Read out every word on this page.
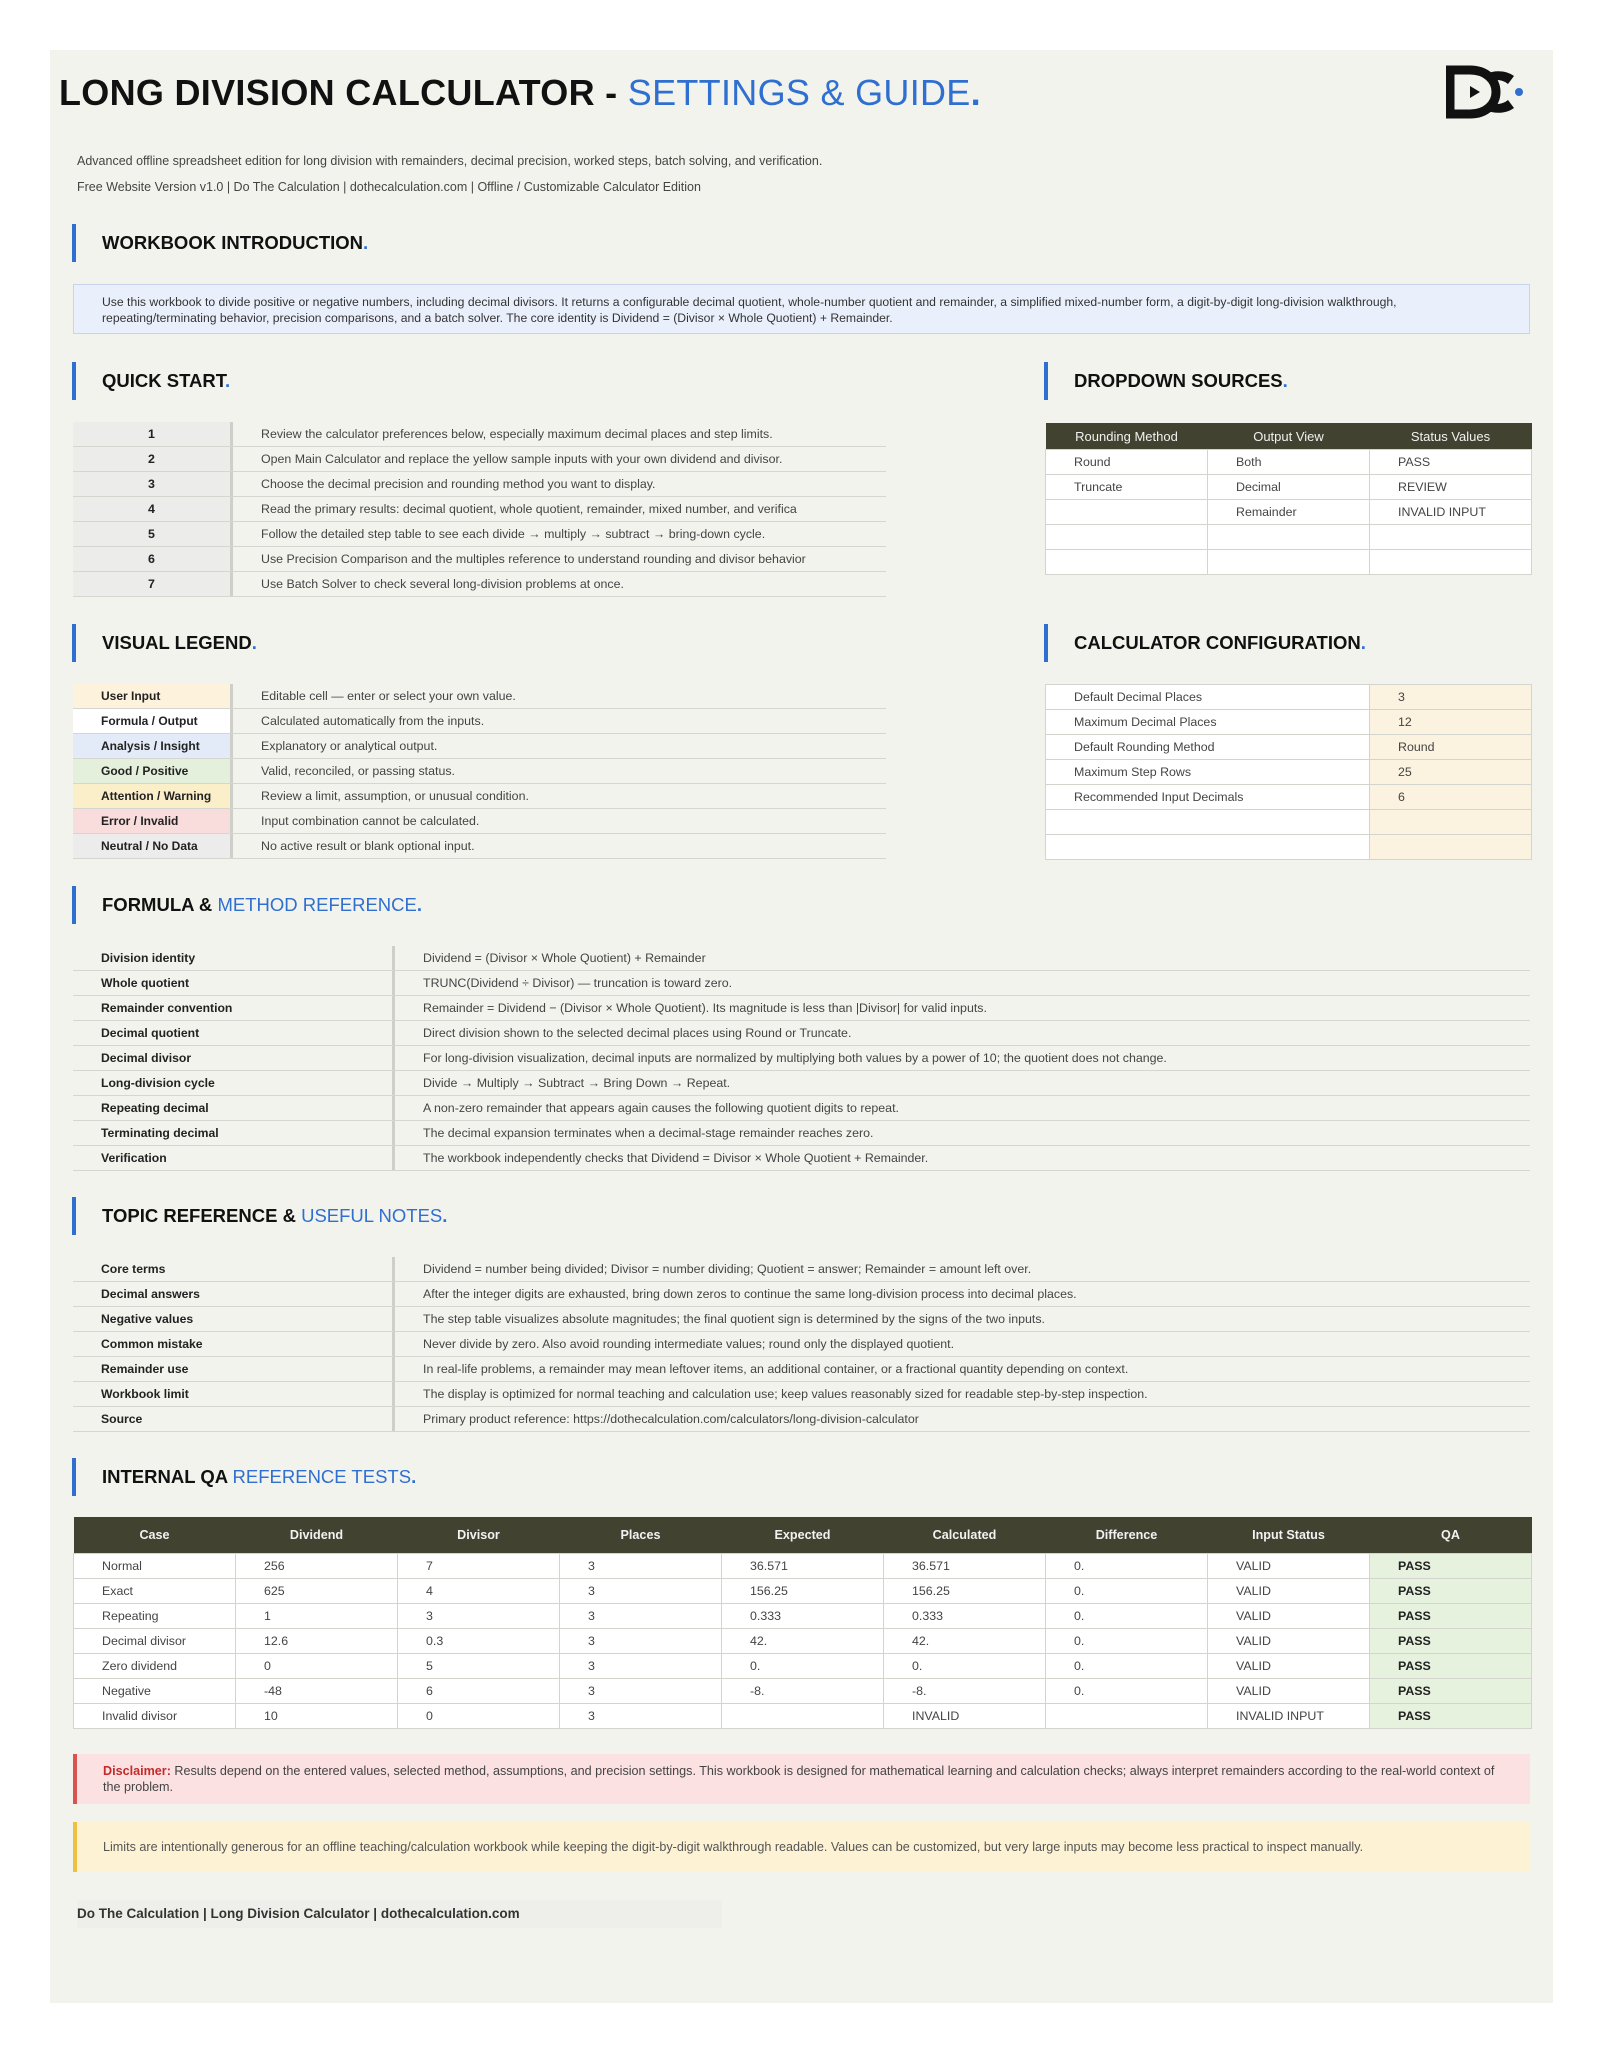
LONG DIVISION CALCULATOR - SETTINGS & GUIDE.
Advanced offline spreadsheet edition for long division with remainders, decimal precision, worked steps, batch solving, and verification.
Free Website Version v1.0 | Do The Calculation | dothecalculation.com | Offline / Customizable Calculator Edition
WORKBOOK INTRODUCTION.
Use this workbook to divide positive or negative numbers, including decimal divisors. It returns a configurable decimal quotient, whole-number quotient and remainder, a simplified mixed-number form, a digit-by-digit long-division walkthrough, repeating/terminating behavior, precision comparisons, and a batch solver. The core identity is Dividend = (Divisor × Whole Quotient) + Remainder.
QUICK START.
1	Review the calculator preferences below, especially maximum decimal places and step limits.
2	Open Main Calculator and replace the yellow sample inputs with your own dividend and divisor.
3	Choose the decimal precision and rounding method you want to display.
4	Read the primary results: decimal quotient, whole quotient, remainder, mixed number, and verifica
5	Follow the detailed step table to see each divide → multiply → subtract → bring-down cycle.
6	Use Precision Comparison and the multiples reference to understand rounding and divisor behavior
7	Use Batch Solver to check several long-division problems at once.
DROPDOWN SOURCES.
Rounding Method	Output View	Status Values
Round	Both	PASS
Truncate	Decimal	REVIEW
	Remainder	INVALID INPUT

VISUAL LEGEND.
User Input	Editable cell — enter or select your own value.
Formula / Output	Calculated automatically from the inputs.
Analysis / Insight	Explanatory or analytical output.
Good / Positive	Valid, reconciled, or passing status.
Attention / Warning	Review a limit, assumption, or unusual condition.
Error / Invalid	Input combination cannot be calculated.
Neutral / No Data	No active result or blank optional input.
CALCULATOR CONFIGURATION.
Default Decimal Places	3
Maximum Decimal Places	12
Default Rounding Method	Round
Maximum Step Rows	25
Recommended Input Decimals	6

FORMULA & METHOD REFERENCE.
Division identity	Dividend = (Divisor × Whole Quotient) + Remainder
Whole quotient	TRUNC(Dividend ÷ Divisor) — truncation is toward zero.
Remainder convention	Remainder = Dividend − (Divisor × Whole Quotient). Its magnitude is less than |Divisor| for valid inputs.
Decimal quotient	Direct division shown to the selected decimal places using Round or Truncate.
Decimal divisor	For long-division visualization, decimal inputs are normalized by multiplying both values by a power of 10; the quotient does not change.
Long-division cycle	Divide → Multiply → Subtract → Bring Down → Repeat.
Repeating decimal	A non-zero remainder that appears again causes the following quotient digits to repeat.
Terminating decimal	The decimal expansion terminates when a decimal-stage remainder reaches zero.
Verification	The workbook independently checks that Dividend = Divisor × Whole Quotient + Remainder.
TOPIC REFERENCE & USEFUL NOTES.
Core terms	Dividend = number being divided; Divisor = number dividing; Quotient = answer; Remainder = amount left over.
Decimal answers	After the integer digits are exhausted, bring down zeros to continue the same long-division process into decimal places.
Negative values	The step table visualizes absolute magnitudes; the final quotient sign is determined by the signs of the two inputs.
Common mistake	Never divide by zero. Also avoid rounding intermediate values; round only the displayed quotient.
Remainder use	In real-life problems, a remainder may mean leftover items, an additional container, or a fractional quantity depending on context.
Workbook limit	The display is optimized for normal teaching and calculation use; keep values reasonably sized for readable step-by-step inspection.
Source	Primary product reference: https://dothecalculation.com/calculators/long-division-calculator
INTERNAL QA REFERENCE TESTS.
Case	Dividend	Divisor	Places	Expected	Calculated	Difference	Input Status	QA
Normal	256	7	3	36.571	36.571	0.	VALID	PASS
Exact	625	4	3	156.25	156.25	0.	VALID	PASS
Repeating	1	3	3	0.333	0.333	0.	VALID	PASS
Decimal divisor	12.6	0.3	3	42.	42.	0.	VALID	PASS
Zero dividend	0	5	3	0.	0.	0.	VALID	PASS
Negative	-48	6	3	-8.	-8.	0.	VALID	PASS
Invalid divisor	10	0	3		INVALID		INVALID INPUT	PASS
Disclaimer: Results depend on the entered values, selected method, assumptions, and precision settings. This workbook is designed for mathematical learning and calculation checks; always interpret remainders according to the real-world context of the problem.
Limits are intentionally generous for an offline teaching/calculation workbook while keeping the digit-by-digit walkthrough readable. Values can be customized, but very large inputs may become less practical to inspect manually.
Do The Calculation | Long Division Calculator | dothecalculation.com
